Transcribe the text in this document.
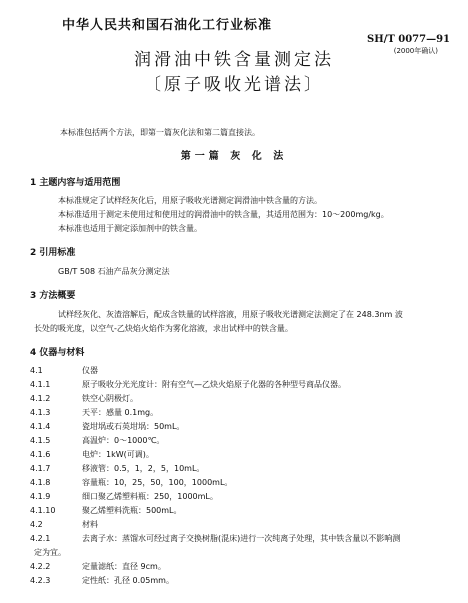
中华人民共和国石油化工行业标准
SH/T 0077—91
(2000年确认)
润滑油中铁含量测定法
〔原子吸收光谱法〕
本标准包括两个方法，即第一篇灰化法和第二篇直接法。
第一篇 灰 化 法
1 主题内容与适用范围
本标准规定了试样经灰化后，用原子吸收光谱测定润滑油中铁含量的方法。
本标准适用于测定未使用过和使用过的润滑油中的铁含量，其适用范围为：10～200mg/kg。
本标准也适用于测定添加剂中的铁含量。
2 引用标准
GB/T 508 石油产品灰分测定法
3 方法概要
试样经灰化、灰渣溶解后，配成含铁量的试样溶液，用原子吸收光谱测定法测定了在 248.3nm 波
长处的吸光度，以空气-乙炔焰火焰作为雾化溶液，求出试样中的铁含量。
4 仪器与材料
4.1	仪器
4.1.1	原子吸收分光光度计：附有空气—乙炔火焰原子化器的各种型号商品仪器。
4.1.2	铁空心阴极灯。
4.1.3	天平：感量 0.1mg。
4.1.4	瓷坩埚或石英坩埚：50mL。
4.1.5	高温炉：0～1000℃。
4.1.6	电炉：1kW(可调)。
4.1.7	移液管：0.5，1，2，5，10mL。
4.1.8	容量瓶：10，25，50，100，1000mL。
4.1.9	细口聚乙烯塑料瓶：250，1000mL。
4.1.10	聚乙烯塑料洗瓶：500mL。
4.2	材料
4.2.1	去离子水：蒸馏水可经过离子交换树脂(混床)进行一次纯离子处理，其中铁含量以不影响测
定为宜。
4.2.2	定量滤纸：直径 9cm。
4.2.3	定性纸：孔径 0.05mm。
